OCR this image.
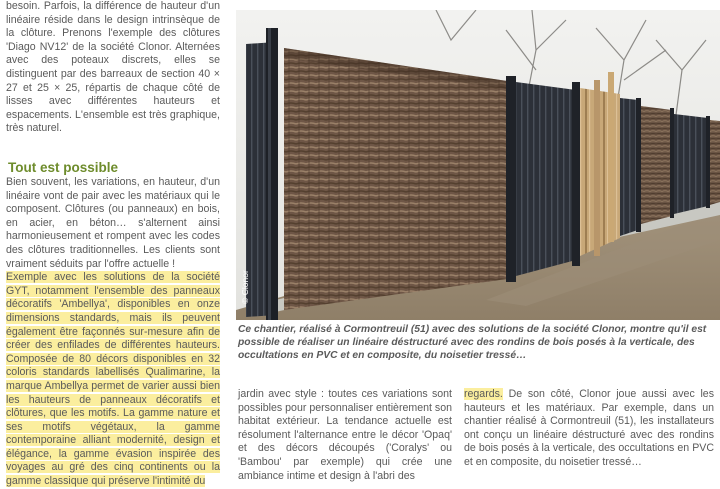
besoin. Parfois, la différence de hauteur d'un linéaire réside dans le design intrinsèque de la clôture. Prenons l'exemple des clôtures 'Diago NV12' de la société Clonor. Alternées avec des poteaux discrets, elles se distinguent par des barreaux de section 40 × 27 et 25 × 25, répartis de chaque côté de lisses avec différentes hauteurs et espacements. L'ensemble est très graphique, très naturel.

Tout est possible

Bien souvent, les variations, en hauteur, d'un linéaire vont de pair avec les matériaux qui le composent. Clôtures (ou panneaux) en bois, en acier, en béton… s'alternent ainsi harmonieusement et rompent avec les codes des clôtures traditionnelles. Les clients sont vraiment séduits par l'offre actuelle !

Exemple avec les solutions de la société GYT, notamment l'ensemble des panneaux décoratifs 'Ambellya', disponibles en onze dimensions standards, mais ils peuvent également être façonnés sur-mesure afin de créer des enfilades de différentes hauteurs. Composée de 80 décors disponibles en 32 coloris standards labellisés Qualimarine, la marque Ambellya permet de varier aussi bien les hauteurs de panneaux décoratifs et clôtures, que les motifs. La gamme nature et ses motifs végétaux, la gamme contemporaine alliant modernité, design et élégance, la gamme évasion inspirée des voyages au gré des cinq continents ou la gamme classique qui préserve l'intimité du

© Clonor
Ce chantier, réalisé à Cormontreuil (51) avec des solutions de la société Clonor, montre qu'il est possible de réaliser un linéaire déstructuré avec des rondins de bois posés à la verticale, des occultations en PVC et en composite, du noisetier tressé…

jardin avec style : toutes ces variations sont possibles pour personnaliser entièrement son habitat extérieur. La tendance actuelle est résolument l'alternance entre le décor 'Opaq' et des décors découpés ('Coralys' ou 'Bambou' par exemple) qui crée une ambiance intime et design à l'abri des

regards. De son côté, Clonor joue aussi avec les hauteurs et les matériaux. Par exemple, dans un chantier réalisé à Cormontreuil (51), les installateurs ont conçu un linéaire déstructuré avec des rondins de bois posés à la verticale, des occultations en PVC et en composite, du noisetier tressé…
